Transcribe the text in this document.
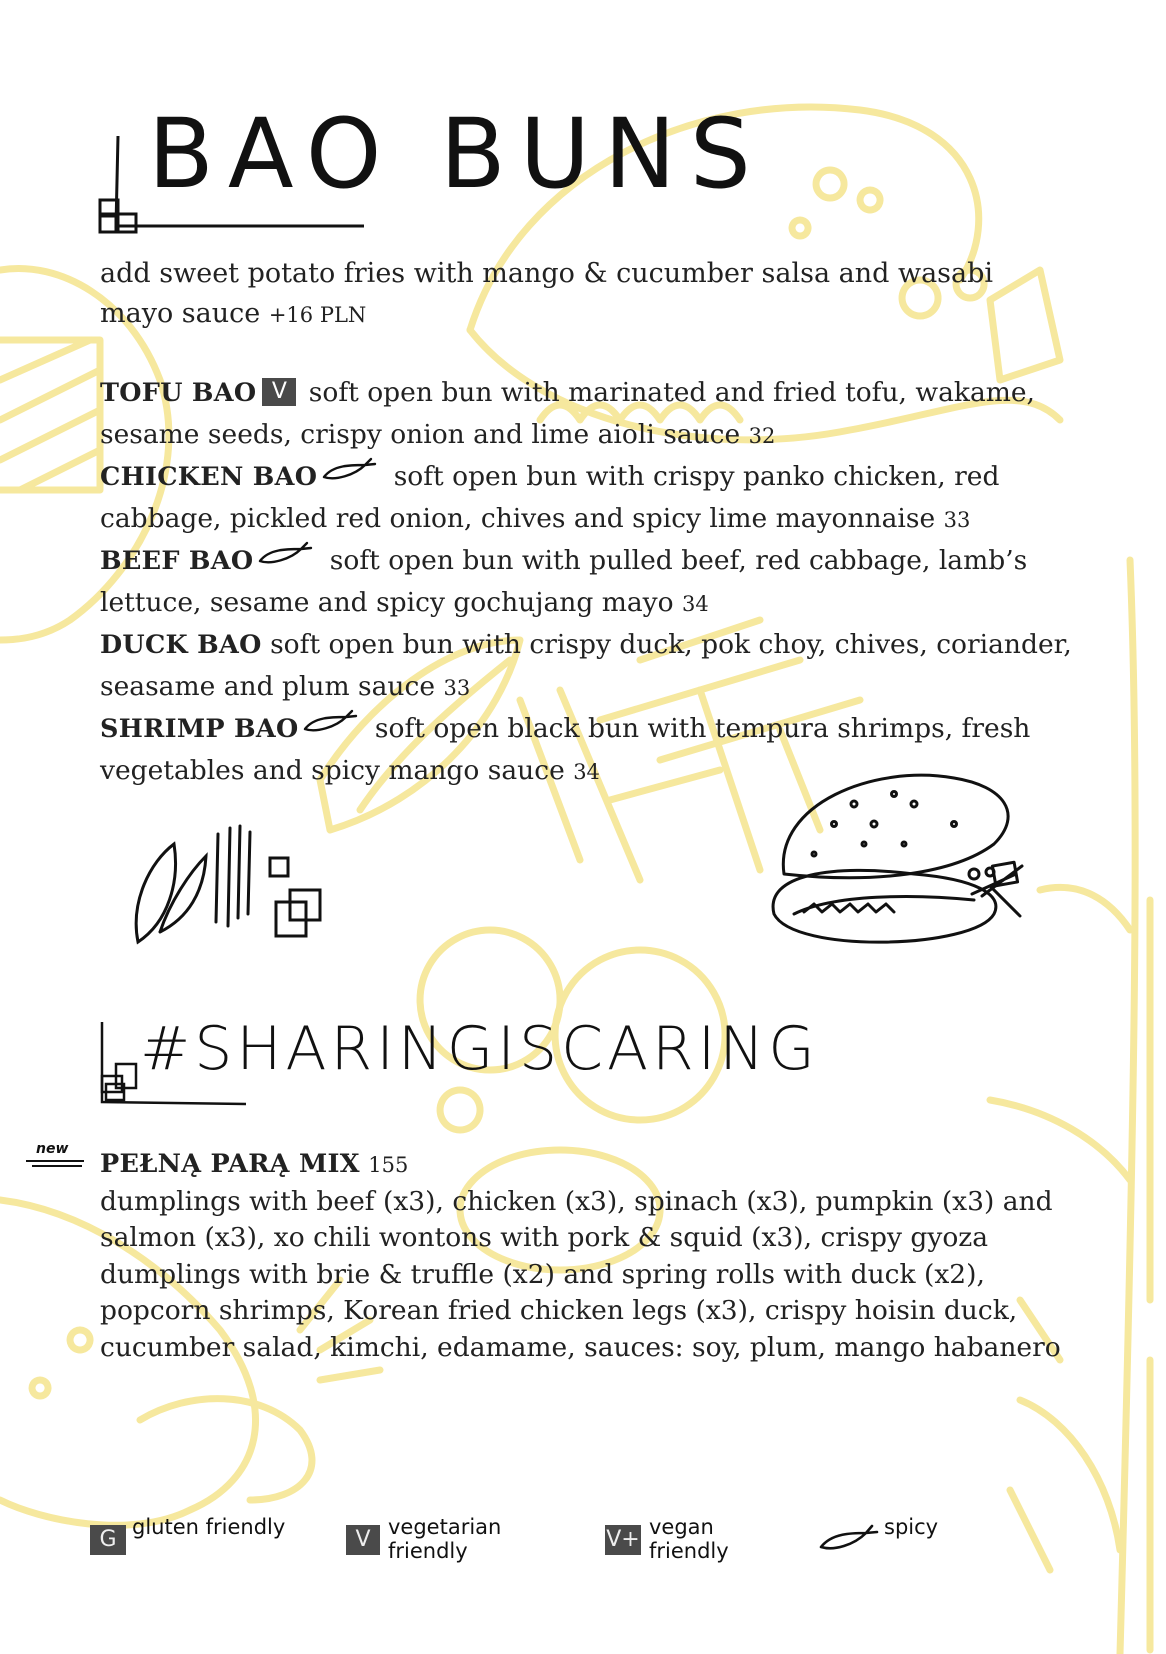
BAO BUNS
add sweet potato fries with mango & cucumber salsa and wasabi mayo sauce +16 PLN

TOFU BAO V soft open bun with marinated and fried tofu, wakame, sesame seeds, crispy onion and lime aioli sauce 32

CHICKEN BAO	soft open bun with crispy panko chicken, red cabbage, pickled red onion, chives and spicy lime mayonnaise 33

BEEF BAO	soft open bun with pulled beef, red cabbage, lamb’s lettuce, sesame and spicy gochujang mayo 34

DUCK BAO soft open bun with crispy duck, pok choy, chives, coriander, seasame and plum sauce 33

SHRIMP BAO	soft open black bun with tempura shrimps, fresh vegetables and spicy mango sauce 34

#SHARINGISCARING
new PEŁNĄ PARĄ MIX 155
dumplings with beef (x3), chicken (x3), spinach (x3), pumpkin (x3) and salmon (x3), xo chili wontons with pork & squid (x3), crispy gyoza dumplings with brie & truffle (x2) and spring rolls with duck (x2), popcorn shrimps, Korean fried chicken legs (x3), crispy hoisin duck, cucumber salad, kimchi, edamame, sauces: soy, plum, mango habanero
G gluten friendly	V vegetarian
friendly	V+ vegan
friendly
spicy
